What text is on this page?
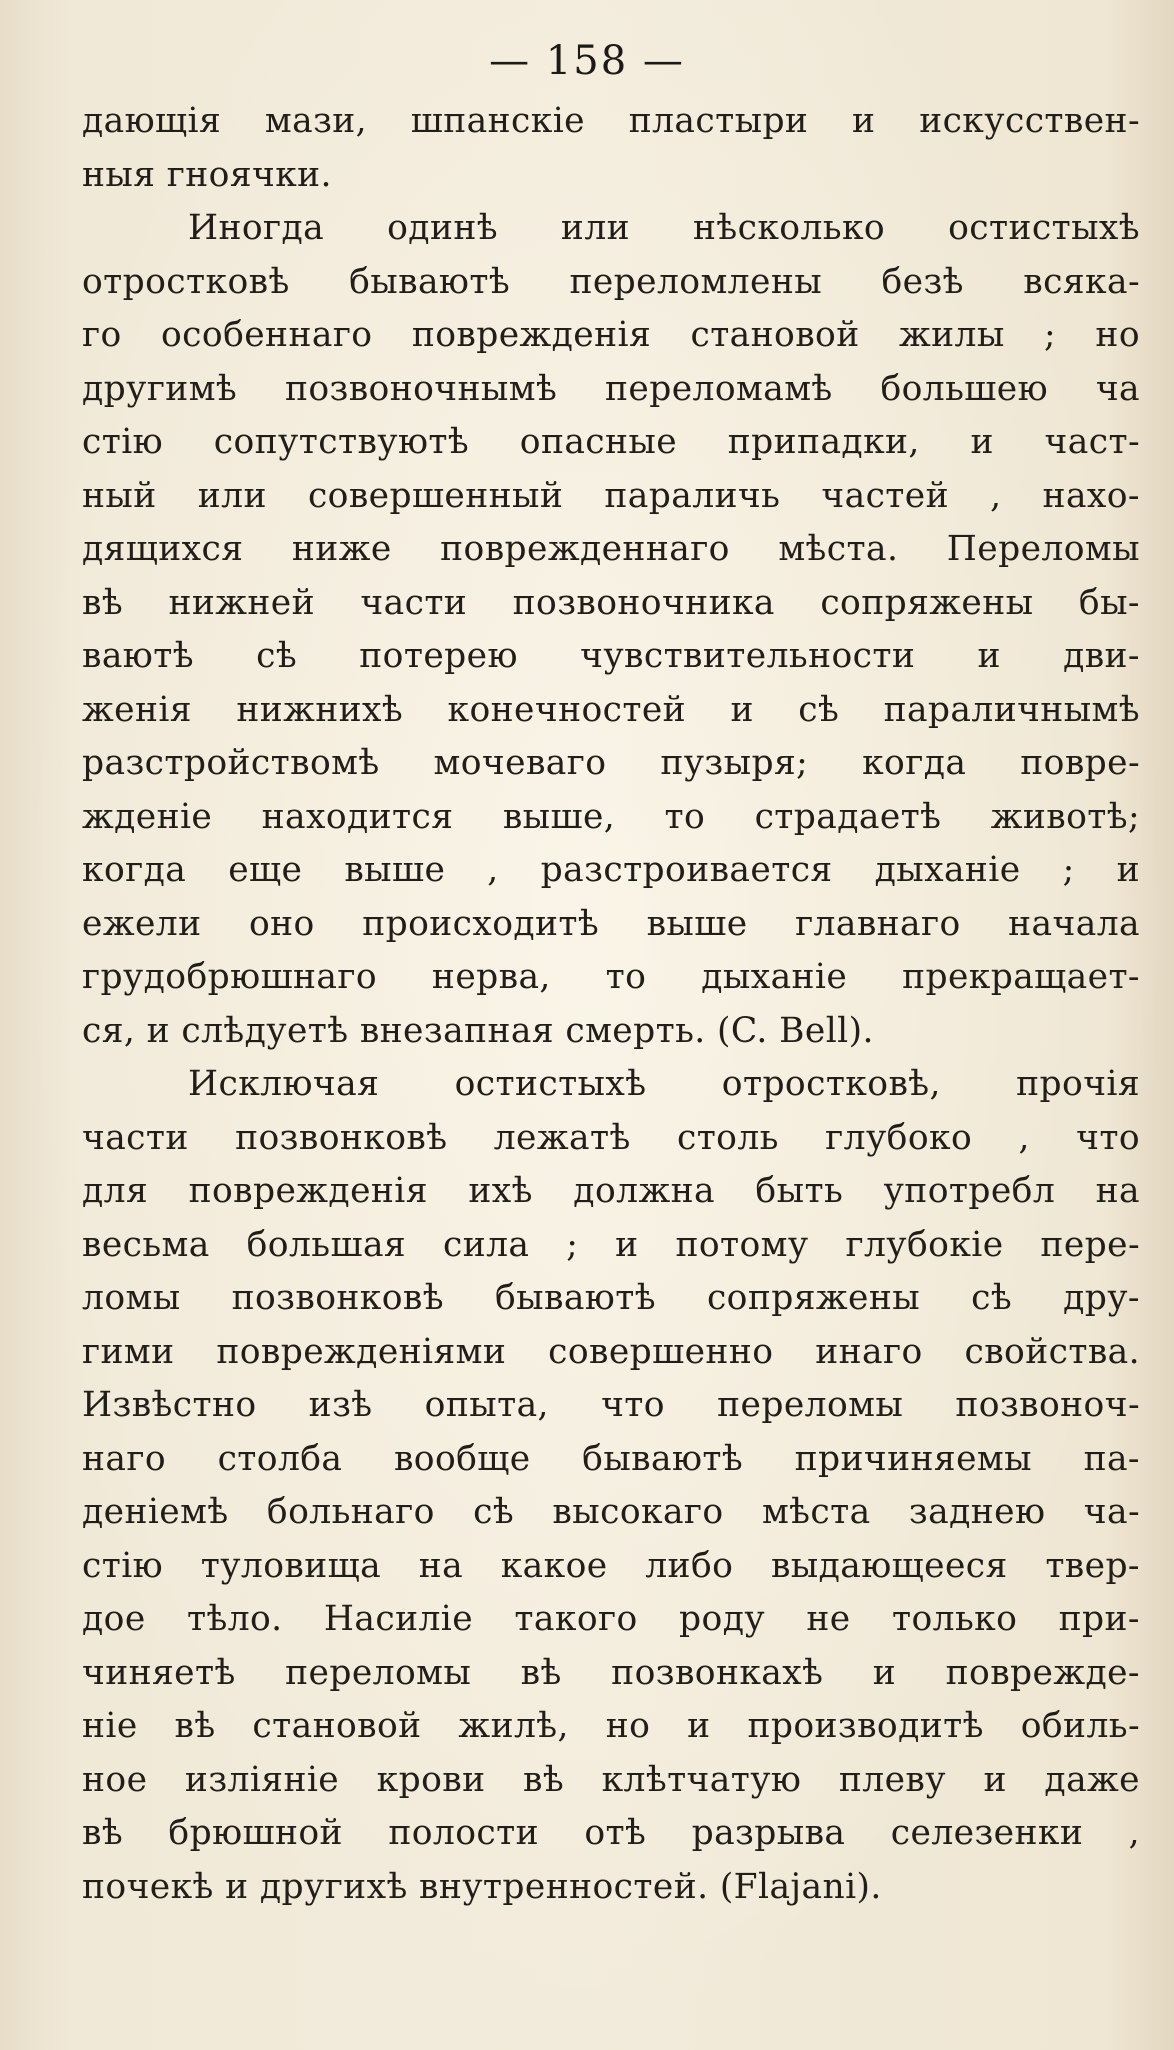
— 158 —
дающія мази, шпанскіе пластыри и искусствен-
ныя гноячки.
Иногда одинѣ или нѣсколько остистыхѣ
отростковѣ бываютѣ переломлены безѣ всяка-
го особеннаго поврежденія становой жилы ; но
другимѣ позвоночнымѣ переломамѣ большею ча
стію сопутствуютѣ опасные припадки, и част-
ный или совершенный параличь частей , нахо-
дящихся ниже поврежденнаго мѣста. Переломы
вѣ нижней части позвоночника сопряжены бы-
ваютѣ сѣ потерею чувствительности и дви-
женія нижнихѣ конечностей и сѣ параличнымѣ
разстройствомѣ мочеваго пузыря; когда повре-
жденіе находится выше, то страдаетѣ животѣ;
когда еще выше , разстроивается дыханіе ; и
ежели оно происходитѣ выше главнаго начала
грудобрюшнаго нерва, то дыханіе прекращает-
ся, и слѣдуетѣ внезапная смерть. (C. Bell).
Исключая остистыхѣ отростковѣ, прочія
части позвонковѣ лежатѣ столь глубоко , что
для поврежденія ихѣ должна быть употребл на
весьма большая сила ; и потому глубокіе пере-
ломы позвонковѣ бываютѣ сопряжены сѣ дру-
гими поврежденіями совершенно инаго свойства.
Извѣстно изѣ опыта, что переломы позвоноч-
наго столба вообще бываютѣ причиняемы па-
деніемѣ больнаго сѣ высокаго мѣста заднею ча-
стію туловища на какое либо выдающееся твер-
дое тѣло. Насиліе такого роду не только при-
чиняетѣ переломы вѣ позвонкахѣ и поврежде-
ніе вѣ становой жилѣ, но и производитѣ обиль-
ное изліяніе крови вѣ клѣтчатую плеву и даже
вѣ брюшной полости отѣ разрыва селезенки ,
почекѣ и другихѣ внутренностей. (Flajani).
